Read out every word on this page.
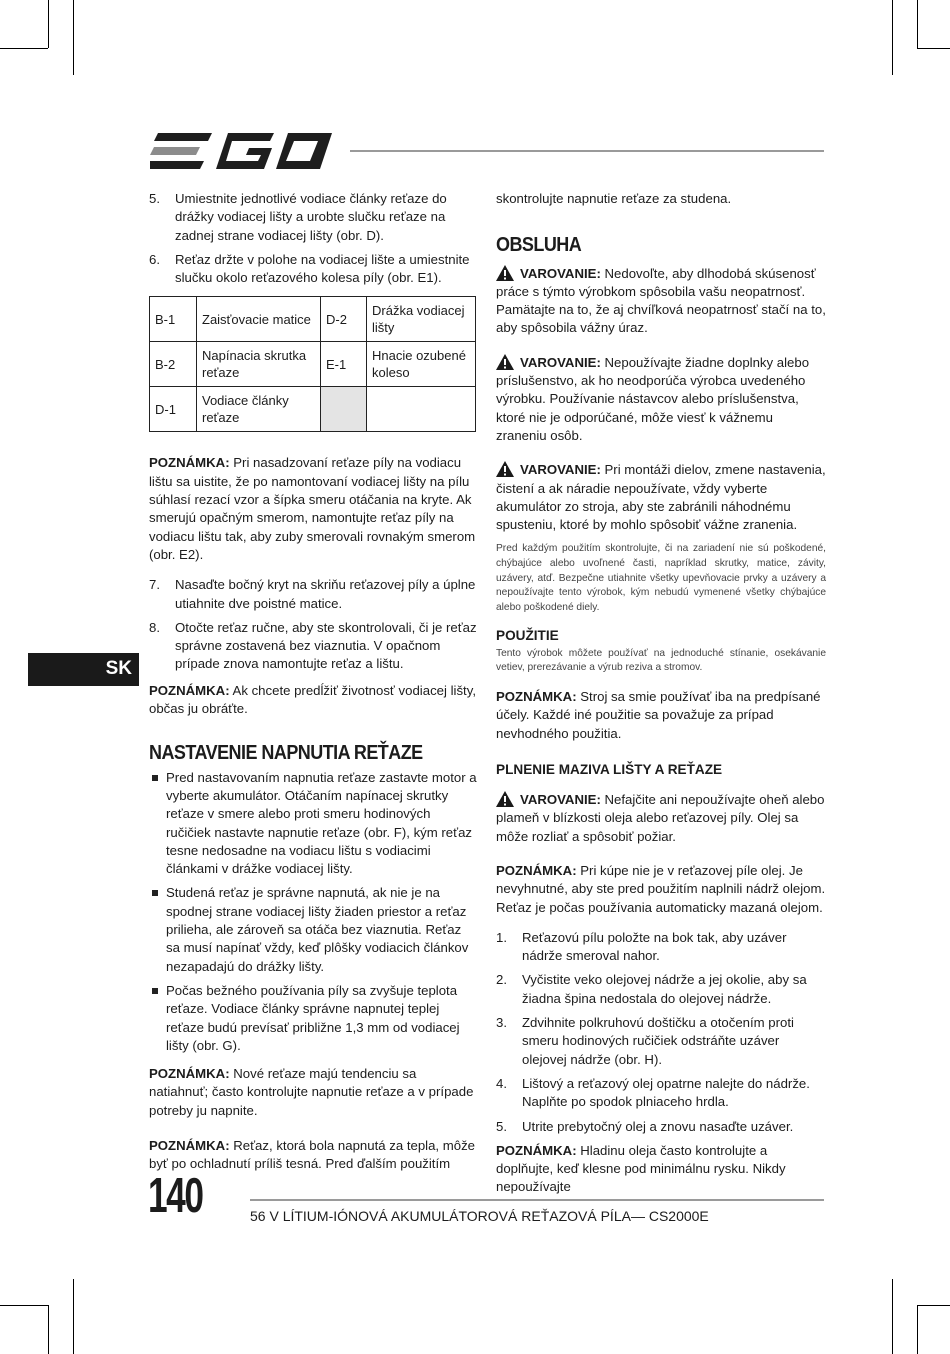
5. Umiestnite jednotlivé vodiace články reťaze do drážky vodiacej lišty a urobte slučku reťaze na zadnej strane vodiacej lišty (obr. D).
6. Reťaz držte v polohe na vodiacej lište a umiestnite slučku okolo reťazového kolesa píly (obr. E1).
B-1	Zaisťovacie matice	D-2	Drážka vodiacej lišty
B-2	Napínacia skrutka reťaze	E-1	Hnacie ozubené koleso
D-1	Vodiace články reťaze		

POZNÁMKA: Pri nasadzovaní reťaze píly na vodiacu lištu sa uistite, že po namontovaní vodiacej lišty na pílu súhlasí rezací vzor a šípka smeru otáčania na kryte. Ak smerujú opačným smerom, namontujte reťaz píly na vodiacu lištu tak, aby zuby smerovali rovnakým smerom (obr. E2).

7. Nasaďte bočný kryt na skriňu reťazovej píly a úplne utiahnite dve poistné matice.
8. Otočte reťaz ručne, aby ste skontrolovali, či je reťaz správne zostavená bez viaznutia. V opačnom prípade znova namontujte reťaz a lištu.

POZNÁMKA: Ak chcete predĺžiť životnosť vodiacej lišty, občas ju obráťte.

NASTAVENIE NAPNUTIA REŤAZE
Pred nastavovaním napnutia reťaze zastavte motor a vyberte akumulátor. Otáčaním napínacej skrutky reťaze v smere alebo proti smeru hodinových ručičiek nastavte napnutie reťaze (obr. F), kým reťaz tesne nedosadne na vodiacu lištu s vodiacimi článkami v drážke vodiacej lišty.
Studená reťaz je správne napnutá, ak nie je na spodnej strane vodiacej lišty žiaden priestor a reťaz prilieha, ale zároveň sa otáča bez viaznutia. Reťaz sa musí napínať vždy, keď plôšky vodiacich článkov nezapadajú do drážky lišty.
Počas bežného používania píly sa zvyšuje teplota reťaze. Vodiace články správne napnutej teplej reťaze budú prevísať približne 1,3 mm od vodiacej lišty (obr. G).

POZNÁMKA: Nové reťaze majú tendenciu sa natiahnuť; často kontrolujte napnutie reťaze a v prípade potreby ju napnite.

POZNÁMKA: Reťaz, ktorá bola napnutá za tepla, môže byť po ochladnutí príliš tesná. Pred ďalším použitím

skontrolujte napnutie reťaze za studena.

OBSLUHA

VAROVANIE: Nedovoľte, aby dlhodobá skúsenosť práce s týmto výrobkom spôsobila vašu neopatrnosť. Pamätajte na to, že aj chvíľková neopatrnosť stačí na to, aby spôsobila vážny úraz.

VAROVANIE: Nepoužívajte žiadne doplnky alebo príslušenstvo, ak ho neodporúča výrobca uvedeného výrobku. Používanie nástavcov alebo príslušenstva, ktoré nie je odporúčané, môže viesť k vážnemu zraneniu osôb.

VAROVANIE: Pri montáži dielov, zmene nastavenia, čistení a ak náradie nepoužívate, vždy vyberte akumulátor zo stroja, aby ste zabránili náhodnému spusteniu, ktoré by mohlo spôsobiť vážne zranenia.

Pred každým použitím skontrolujte, či na zariadení nie sú poškodené, chýbajúce alebo uvoľnené časti, napríklad skrutky, matice, závity, uzávery, atď. Bezpečne utiahnite všetky upevňovacie prvky a uzávery a nepoužívajte tento výrobok, kým nebudú vymenené všetky chýbajúce alebo poškodené diely.

POUŽITIE

Tento výrobok môžete používať na jednoduché stínanie, osekávanie vetiev, prerezávanie a výrub reziva a stromov.

POZNÁMKA: Stroj sa smie používať iba na predpísané účely. Každé iné použitie sa považuje za prípad nevhodného použitia.

PLNENIE MAZIVA LIŠTY A REŤAZE

VAROVANIE: Nefajčite ani nepoužívajte oheň alebo plameň v blízkosti oleja alebo reťazovej píly. Olej sa môže rozliať a spôsobiť požiar.

POZNÁMKA: Pri kúpe nie je v reťazovej píle olej. Je nevyhnutné, aby ste pred použitím naplnili nádrž olejom. Reťaz je počas používania automaticky mazaná olejom.

1. Reťazovú pílu položte na bok tak, aby uzáver nádrže smeroval nahor.
2. Vyčistite veko olejovej nádrže a jej okolie, aby sa žiadna špina nedostala do olejovej nádrže.
3. Zdvihnite polkruhovú doštičku a otočením proti smeru hodinových ručičiek odstráňte uzáver olejovej nádrže (obr. H).
4. Lištový a reťazový olej opatrne nalejte do nádrže. Naplňte po spodok plniaceho hrdla.
5. Utrite prebytočný olej a znovu nasaďte uzáver.

POZNÁMKA: Hladinu oleja často kontrolujte a doplňujte, keď klesne pod minimálnu rysku. Nikdy nepoužívajte

SK
140	56 V LÍTIUM-IÓNOVÁ AKUMULÁTOROVÁ REŤAZOVÁ PÍLA— CS2000E
